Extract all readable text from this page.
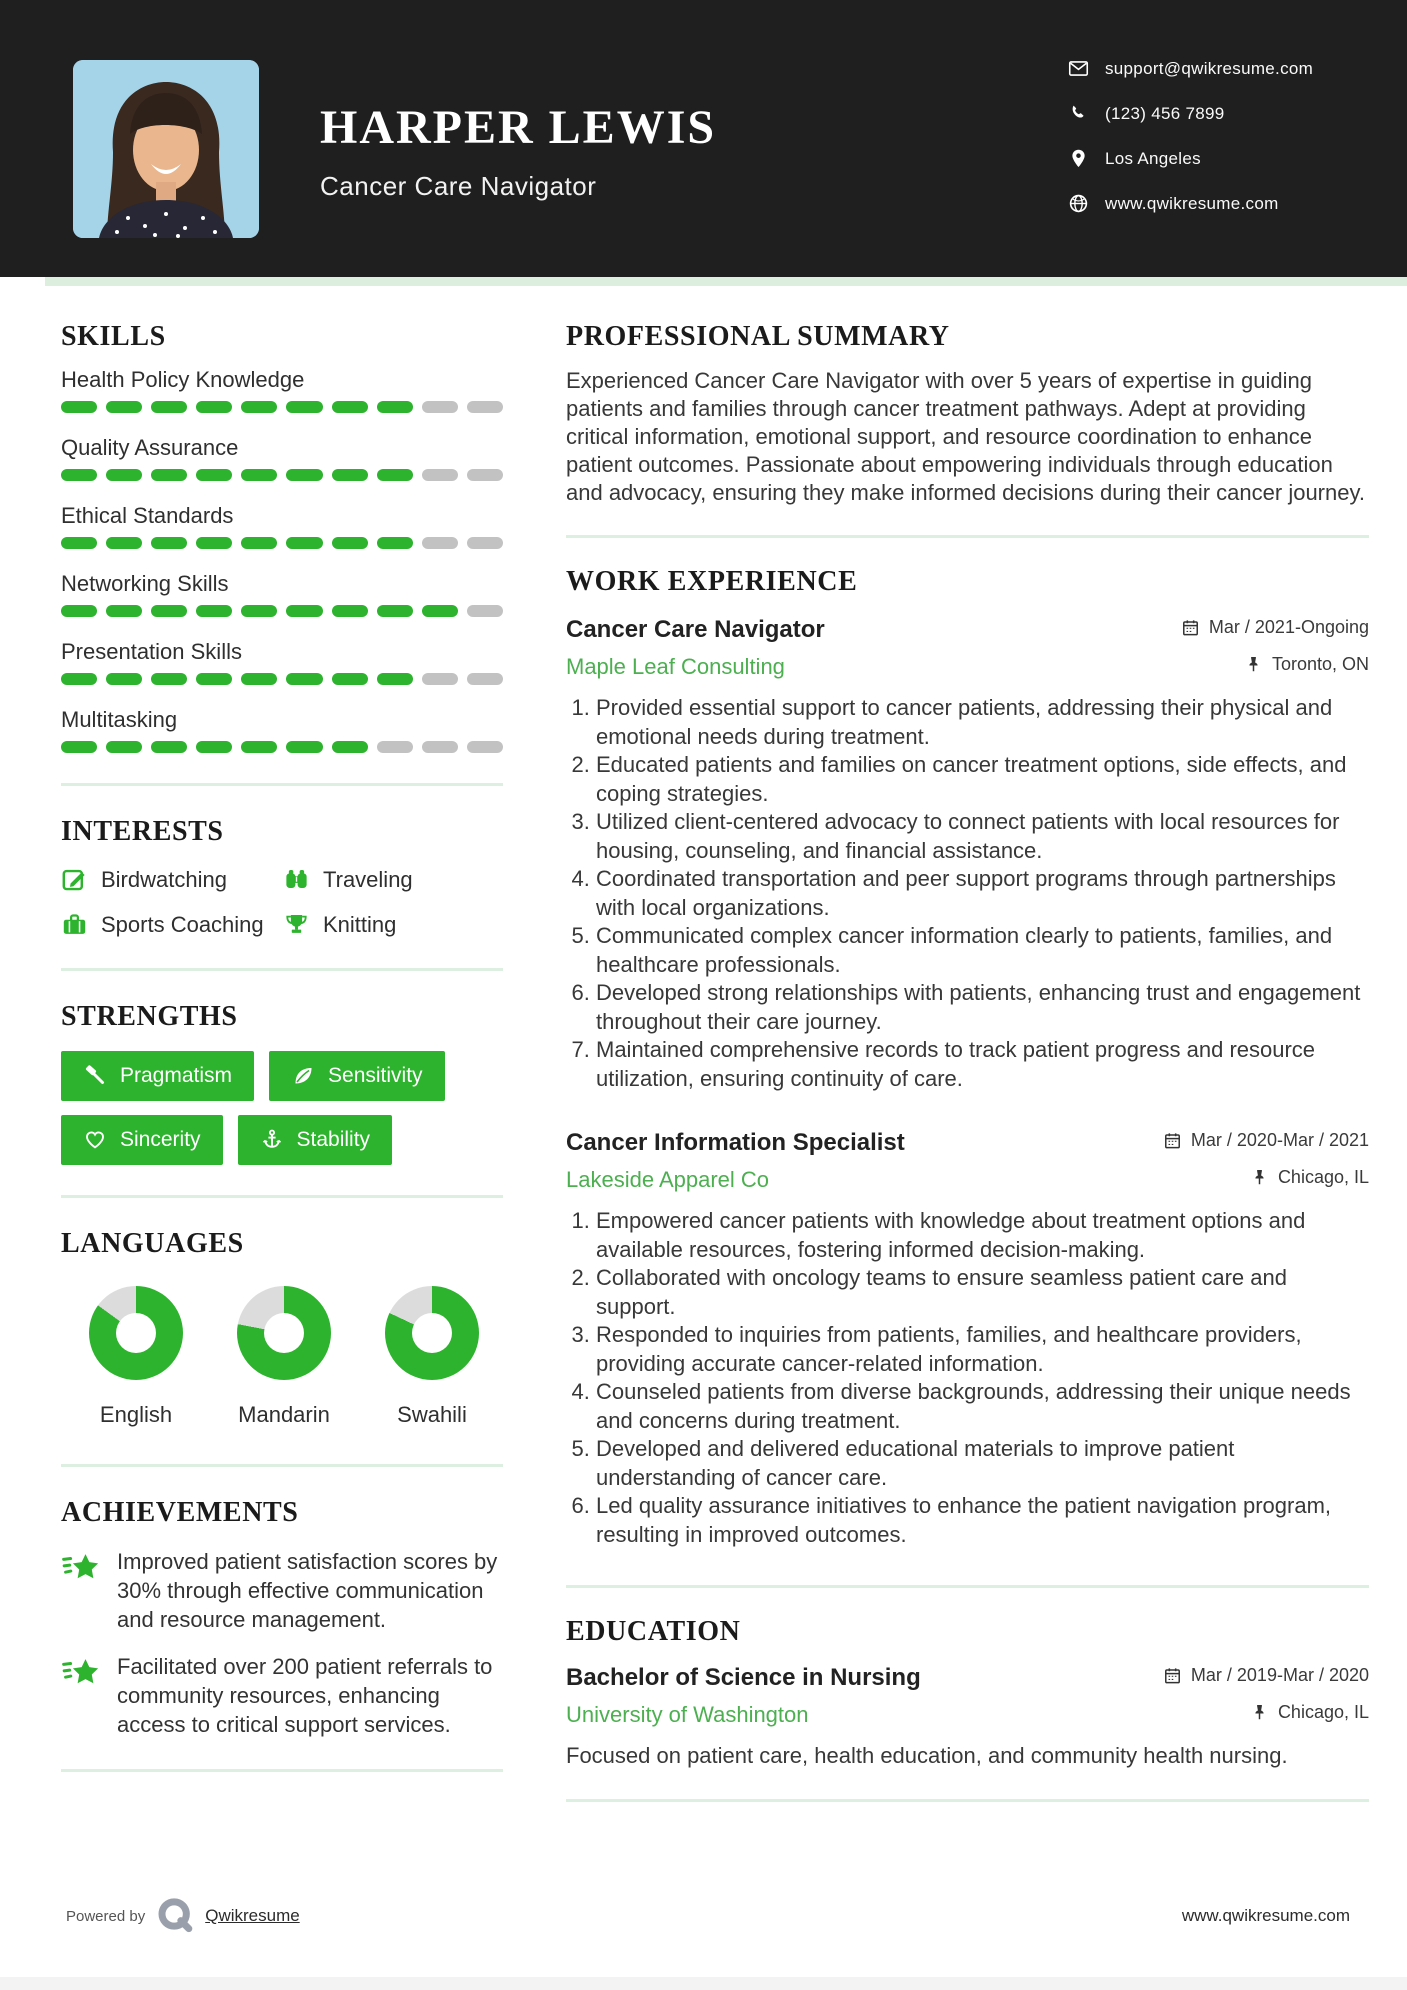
HARPER LEWIS
Cancer Care Navigator
support@qwikresume.com
(123) 456 7899
Los Angeles
www.qwikresume.com
SKILLS
Health Policy Knowledge
Quality Assurance
Ethical Standards
Networking Skills
Presentation Skills
Multitasking
INTERESTS
Birdwatching	Traveling
Sports Coaching	Knitting
STRENGTHS
Pragmatism	Sensitivity
Sincerity	Stability
LANGUAGES
English	Mandarin	Swahili
ACHIEVEMENTS
Improved patient satisfaction scores by 30% through effective communication and resource management.
Facilitated over 200 patient referrals to community resources, enhancing access to critical support services.
PROFESSIONAL SUMMARY

Experienced Cancer Care Navigator with over 5 years of expertise in guiding patients and families through cancer treatment pathways. Adept at providing critical information, emotional support, and resource coordination to enhance patient outcomes. Passionate about empowering individuals through education and advocacy, ensuring they make informed decisions during their cancer journey.

WORK EXPERIENCE
Cancer Care Navigator	Mar / 2021-Ongoing
Maple Leaf Consulting	Toronto, ON
1. Provided essential support to cancer patients, addressing their physical and emotional needs during treatment.
2. Educated patients and families on cancer treatment options, side effects, and coping strategies.
3. Utilized client-centered advocacy to connect patients with local resources for housing, counseling, and financial assistance.
4. Coordinated transportation and peer support programs through partnerships with local organizations.
5. Communicated complex cancer information clearly to patients, families, and healthcare professionals.
6. Developed strong relationships with patients, enhancing trust and engagement throughout their care journey.
7. Maintained comprehensive records to track patient progress and resource utilization, ensuring continuity of care.
Cancer Information Specialist	Mar / 2020-Mar / 2021
Lakeside Apparel Co	Chicago, IL
1. Empowered cancer patients with knowledge about treatment options and available resources, fostering informed decision-making.
2. Collaborated with oncology teams to ensure seamless patient care and support.
3. Responded to inquiries from patients, families, and healthcare providers, providing accurate cancer-related information.
4. Counseled patients from diverse backgrounds, addressing their unique needs and concerns during treatment.
5. Developed and delivered educational materials to improve patient understanding of cancer care.
6. Led quality assurance initiatives to enhance the patient navigation program, resulting in improved outcomes.
EDUCATION
Bachelor of Science in Nursing	Mar / 2019-Mar / 2020
University of Washington	Chicago, IL

Focused on patient care, health education, and community health nursing.

Powered by	Qwikresume	www.qwikresume.com
